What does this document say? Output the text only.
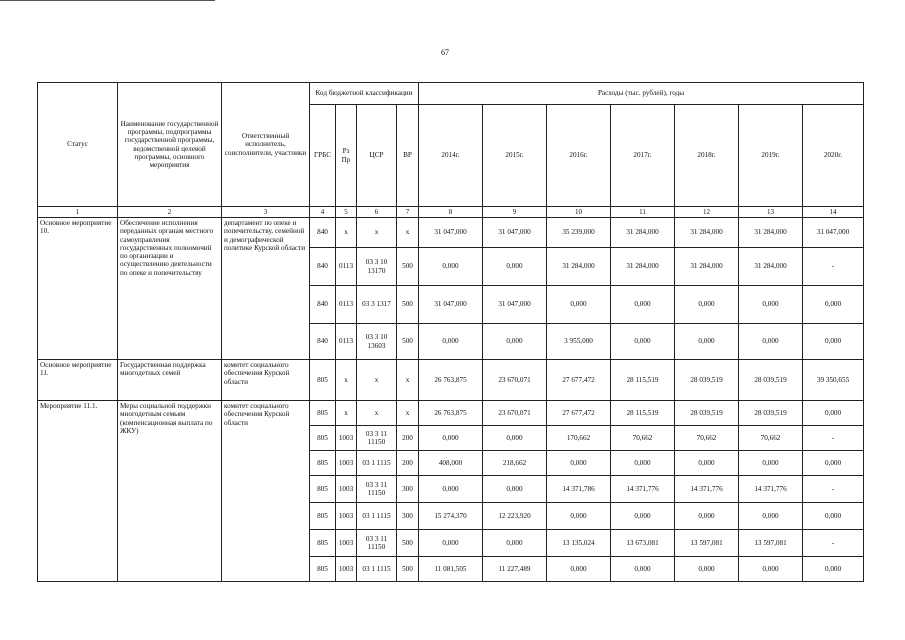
67
Статус	Наименование государственной программы, подпрограммы государственной программы, ведомственной целевой программы, основного мероприятия	Ответственный исполнитель, соисполнители, участники	Код бюджетной классификации				Расходы (тыс. рублей), годы						
			ГРБС	Рз Пр	ЦСР	ВР	2014г.	2015г.	2016г.	2017г.	2018г.	2019г.	2020г.
1	2	3	4	5	6	7	8	9	10	11	12	13	14
Основное мероприятие 10.	Обеспечение исполнения переданных органам местного самоуправления государственных полномочий по организации и осуществлению деятельности по опеке и попечительству	департамент по опеке и попечительству, семейной и демографической политике Курской области	840	х	х	х	31 047,000	31 047,000	35 239,000	31 284,000	31 284,000	31 284,000	31 047,000
			840	0113	03 3 10 13170	500	0,000	0,000	31 284,000	31 284,000	31 284,000	31 284,000	-
			840	0113	03 3 1317	500	31 047,000	31 047,000	0,000	0,000	0,000	0,000	0,000
			840	0113	03 3 10 13603	500	0,000	0,000	3 955,000	0,000	0,000	0,000	0,000
Основное мероприятие 11.	Государственная поддержка многодетных семей	комитет социального обеспечения Курской области	805	х	х	х	26 763,875	23 670,071	27 677,472	28 115,519	28 039,519	28 039,519	39 350,655
Мероприятие 11.1.	Меры социальной поддержки многодетным семьям (компенсационная выплата по ЖКУ)	комитет социального обеспечения Курской области	805	х	х	х	26 763,875	23 670,071	27 677,472	28 115,519	28 039,519	28 039,519	0,000
			805	1003	03 3 11 11150	200	0,000	0,000	170,662	70,662	70,662	70,662	-
			805	1003	03 1 1115	200	408,000	218,662	0,000	0,000	0,000	0,000	0,000
			805	1003	03 3 11 11150	300	0,000	0,000	14 371,786	14 371,776	14 371,776	14 371,776	-
			805	1003	03 1 1115	300	15 274,370	12 223,920	0,000	0,000	0,000	0,000	0,000
			805	1003	03 3 11 11150	500	0,000	0,000	13 135,024	13 673,081	13 597,081	13 597,081	-
			805	1003	03 1 1115	500	11 081,505	11 227,489	0,000	0,000	0,000	0,000	0,000
